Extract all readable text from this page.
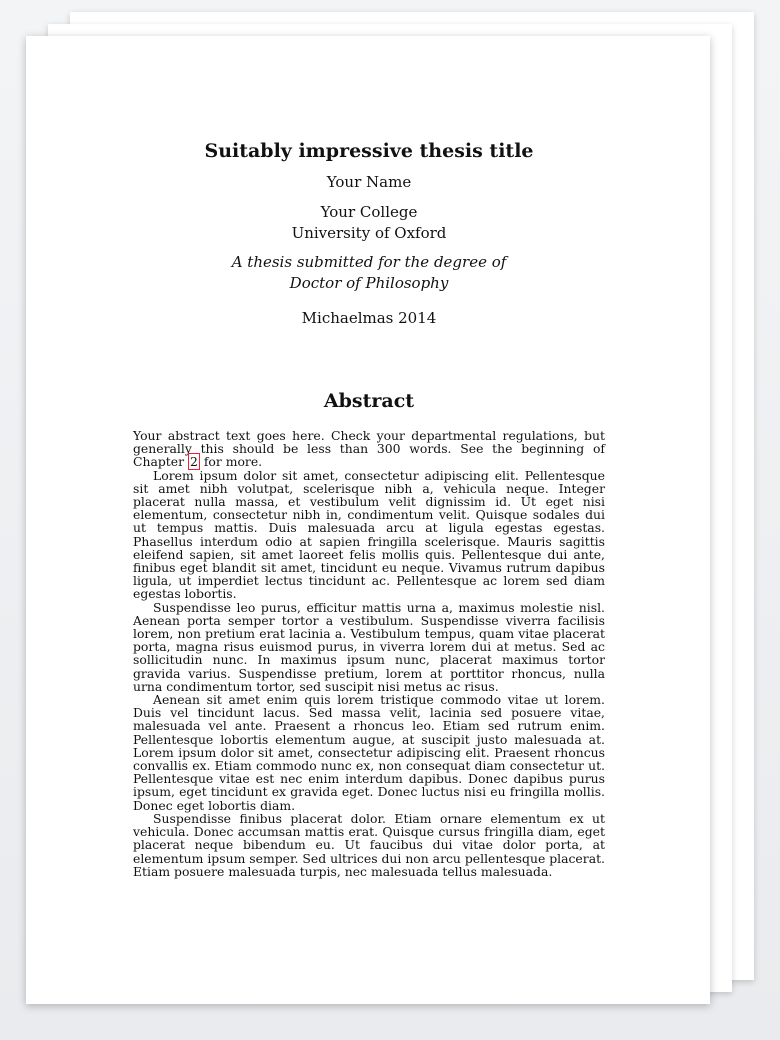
Suitably impressive thesis title
Your Name
Your College
University of Oxford
A thesis submitted for the degree of
Doctor of Philosophy
Michaelmas 2014
Abstract

Your abstract text goes here. Check your departmental regulations, but generally this should be less than 300 words. See the beginning of Chapter 2 for more.

Lorem ipsum dolor sit amet, consectetur adipiscing elit. Pellentesque sit amet nibh volutpat, scelerisque nibh a, vehicula neque. Integer placerat nulla massa, et vestibulum velit dignissim id. Ut eget nisi elementum, consectetur nibh in, condimentum velit. Quisque sodales dui ut tempus mattis. Duis malesuada arcu at ligula egestas egestas. Phasellus interdum odio at sapien fringilla scelerisque. Mauris sagittis eleifend sapien, sit amet laoreet felis mollis quis. Pellentesque dui ante, finibus eget blandit sit amet, tincidunt eu neque. Vivamus rutrum dapibus ligula, ut imperdiet lectus tincidunt ac. Pellentesque ac lorem sed diam egestas lobortis.

Suspendisse leo purus, efficitur mattis urna a, maximus molestie nisl. Aenean porta semper tortor a vestibulum. Suspendisse viverra facilisis lorem, non pretium erat lacinia a. Vestibulum tempus, quam vitae placerat porta, magna risus euismod purus, in viverra lorem dui at metus. Sed ac sollicitudin nunc. In maximus ipsum nunc, placerat maximus tortor gravida varius. Suspendisse pretium, lorem at porttitor rhoncus, nulla urna condimentum tortor, sed suscipit nisi metus ac risus.

Aenean sit amet enim quis lorem tristique commodo vitae ut lorem. Duis vel tincidunt lacus. Sed massa velit, lacinia sed posuere vitae, malesuada vel ante. Praesent a rhoncus leo. Etiam sed rutrum enim. Pellentesque lobortis elementum augue, at suscipit justo malesuada at. Lorem ipsum dolor sit amet, consectetur adipiscing elit. Praesent rhoncus convallis ex. Etiam commodo nunc ex, non consequat diam consectetur ut. Pellentesque vitae est nec enim interdum dapibus. Donec dapibus purus ipsum, eget tincidunt ex gravida eget. Donec luctus nisi eu fringilla mollis. Donec eget lobortis diam.

Suspendisse finibus placerat dolor. Etiam ornare elementum ex ut vehicula. Donec accumsan mattis erat. Quisque cursus fringilla diam, eget placerat neque bibendum eu. Ut faucibus dui vitae dolor porta, at elementum ipsum semper. Sed ultrices dui non arcu pellentesque placerat. Etiam posuere malesuada turpis, nec malesuada tellus malesuada.
